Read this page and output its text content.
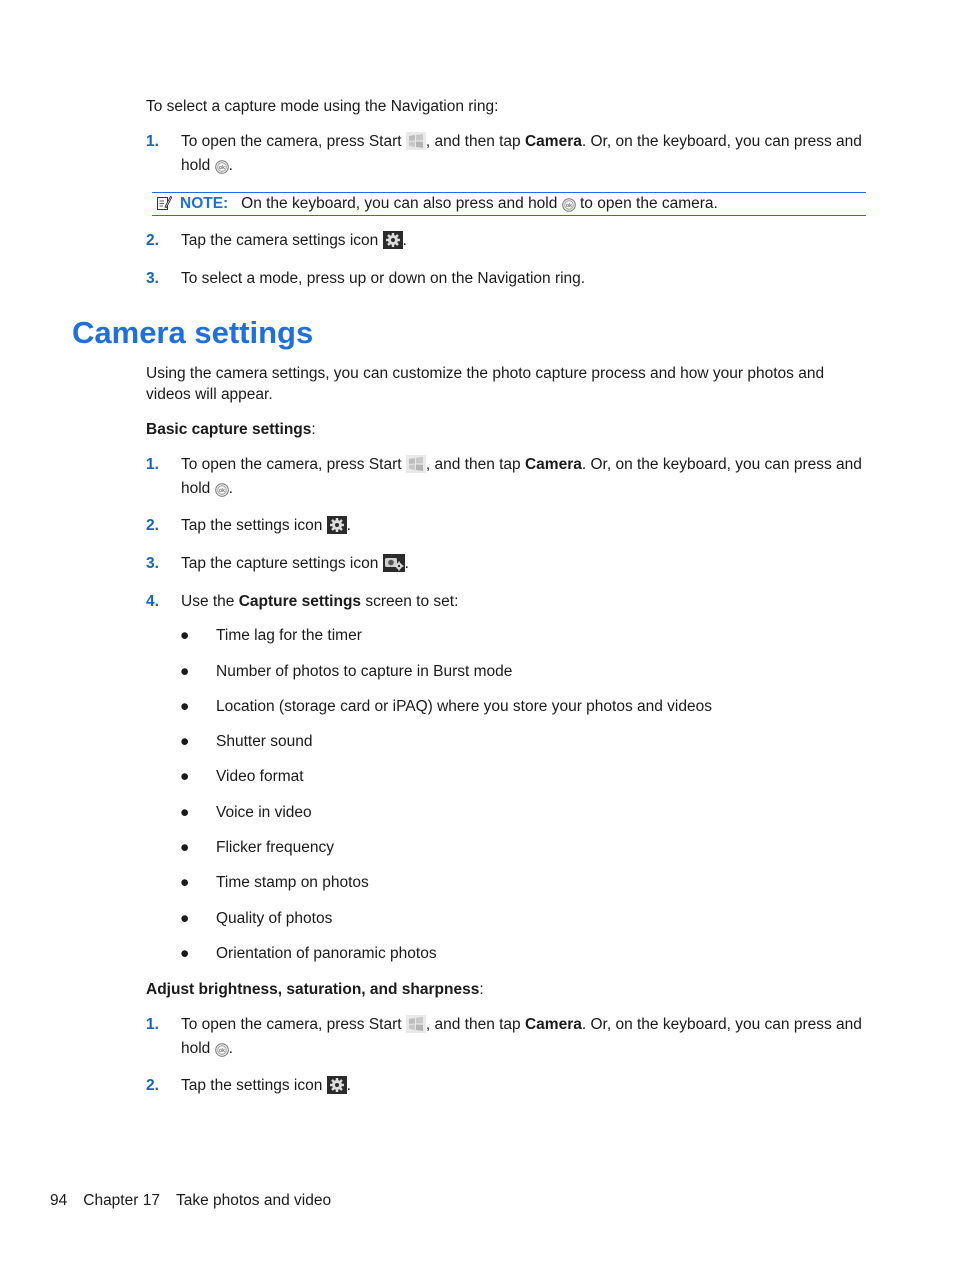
To select a capture mode using the Navigation ring:

1. To open the camera, press Start , and then tap Camera. Or, on the keyboard, you can press and hold .
NOTE: On the keyboard, you can also press and hold  to open the camera.
2. Tap the camera settings icon .
3. To select a mode, press up or down on the Navigation ring.
Camera settings

Using the camera settings, you can customize the photo capture process and how your photos and videos will appear.

Basic capture settings:

1. To open the camera, press Start , and then tap Camera. Or, on the keyboard, you can press and hold .
2. Tap the settings icon .
3. Tap the capture settings icon .
4. Use the Capture settings screen to set:
● Time lag for the timer
● Number of photos to capture in Burst mode
● Location (storage card or iPAQ) where you store your photos and videos
● Shutter sound
● Video format
● Voice in video
● Flicker frequency
● Time stamp on photos
● Quality of photos
● Orientation of panoramic photos

Adjust brightness, saturation, and sharpness:

1. To open the camera, press Start , and then tap Camera. Or, on the keyboard, you can press and hold .
2. Tap the settings icon .
94 Chapter 17 Take photos and video
